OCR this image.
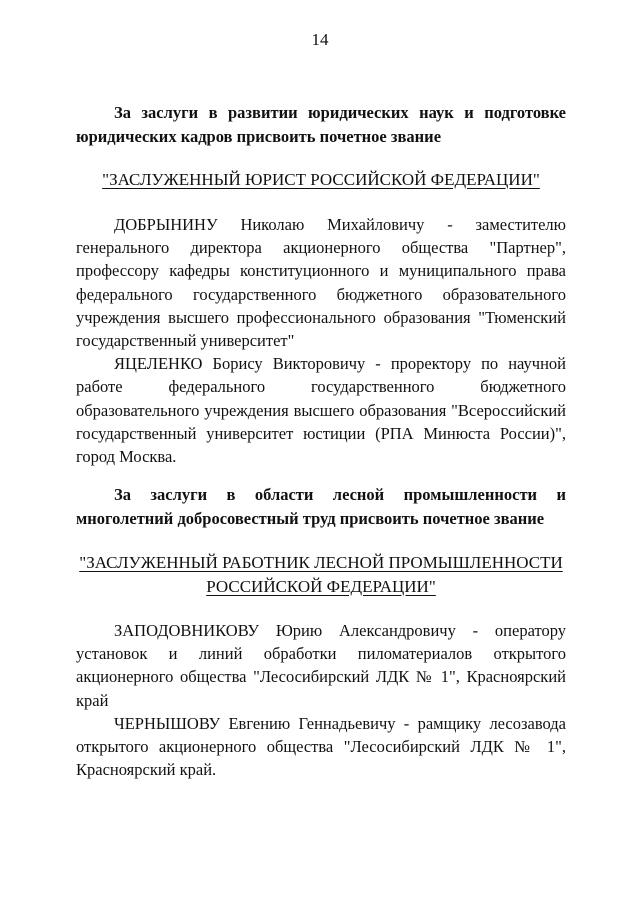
14
За заслуги в развитии юридических наук и подготовке юридических кадров присвоить почетное звание
"ЗАСЛУЖЕННЫЙ ЮРИСТ РОССИЙСКОЙ ФЕДЕРАЦИИ"

ДОБРЫНИНУ Николаю Михайловичу - заместителю генерального директора акционерного общества "Партнер", профессору кафедры конституционного и муниципального права федерального государственного бюджетного образовательного учреждения высшего профессионального образования "Тюменский государственный университет"

ЯЦЕЛЕНКО Борису Викторовичу - проректору по научной работе федерального государственного бюджетного образовательного учреждения высшего образования "Всероссийский государственный университет юстиции (РПА Минюста России)", город Москва.

За заслуги в области лесной промышленности и многолетний добросовестный труд присвоить почетное звание
"ЗАСЛУЖЕННЫЙ РАБОТНИК ЛЕСНОЙ ПРОМЫШЛЕННОСТИ
РОССИЙСКОЙ ФЕДЕРАЦИИ"

ЗАПОДОВНИКОВУ Юрию Александровичу - оператору установок и линий обработки пиломатериалов открытого акционерного общества "Лесосибирский ЛДК № 1", Красноярский край

ЧЕРНЫШОВУ Евгению Геннадьевичу - рамщику лесозавода открытого акционерного общества "Лесосибирский ЛДК № 1", Красноярский край.
